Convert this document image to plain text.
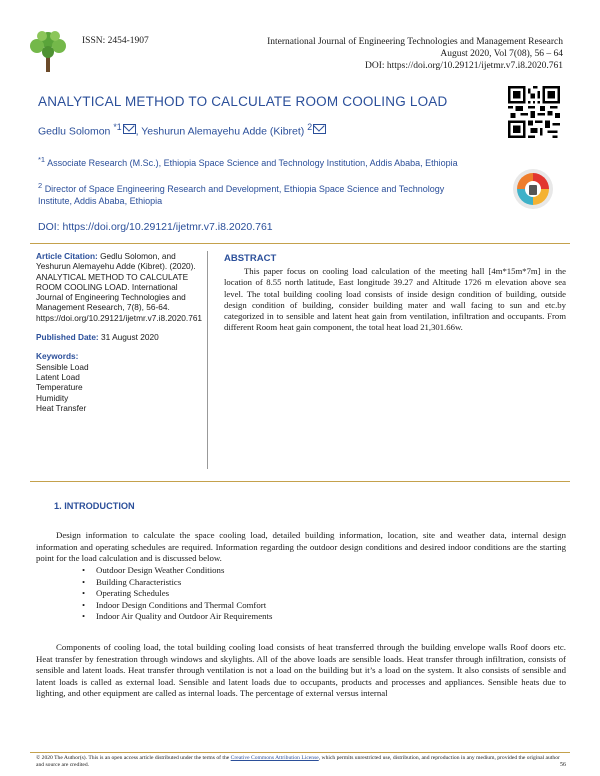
ISSN: 2454-1907	International Journal of Engineering Technologies and Management Research
August 2020, Vol 7(08), 56 – 64
DOI: https://doi.org/10.29121/ijetmr.v7.i8.2020.761
ANALYTICAL METHOD TO CALCULATE ROOM COOLING LOAD
Gedlu Solomon $^{*1}$ , Yeshurun Alemayehu Adde (Kibret) $^2$
$^{*1}$ Associate Research (M.Sc.), Ethiopia Space Science and Technology Institution, Addis Ababa, Ethiopia
$^2$ Director of Space Engineering Research and Development, Ethiopia Space Science and Technology Institute, Addis Ababa, Ethiopia
DOI: https://doi.org/10.29121/ijetmr.v7.i8.2020.761
Article Citation: Gedlu Solomon, and Yeshurun Alemayehu Adde (Kibret). (2020). ANALYTICAL METHOD TO CALCULATE ROOM COOLING LOAD. International Journal of Engineering Technologies and Management Research, 7(8), 56-64. https://doi.org/10.29121/ijetmr.v7.i8.2020.761
Published Date: 31 August 2020
Keywords:
Sensible Load
Latent Load
Temperature
Humidity
Heat Transfer
ABSTRACT
This paper focus on cooling load calculation of the meeting hall [4m*15m*7m] in the location of 8.55 north latitude, East longitude 39.27 and Altitude 1726 m elevation above sea level. The total building cooling load consists of inside design condition of building, outside design condition of building, consider building mater and wall facing to sun and etc.by categorized in to sensible and latent heat gain from ventilation, infiltration and occupants. From different Room heat gain component, the total heat load 21,301.66w.
1. INTRODUCTION
Design information to calculate the space cooling load, detailed building information, location, site and weather data, internal design information and operating schedules are required. Information regarding the outdoor design conditions and desired indoor conditions are the starting point for the load calculation and is discussed below.
• Outdoor Design Weather Conditions
• Building Characteristics
• Operating Schedules
• Indoor Design Conditions and Thermal Comfort
• Indoor Air Quality and Outdoor Air Requirements
Components of cooling load, the total building cooling load consists of heat transferred through the building envelope walls Roof doors etc. Heat transfer by fenestration through windows and skylights. All of the above loads are sensible loads. Heat transfer through infiltration, consists of sensible and latent loads. Heat transfer through ventilation is not a load on the building but it’s a load on the system. It also consists of sensible and latent loads is called as external load. Sensible and latent loads due to occupants, products and processes and appliances. Sensible heats due to lighting, and other equipment are called as internal loads. The percentage of external versus internal
© 2020 The Author(s). This is an open access article distributed under the terms of the Creative Commons Attribution License, which permits unrestricted use, distribution, and reproduction in any medium, provided the original author and source are credited.	56
